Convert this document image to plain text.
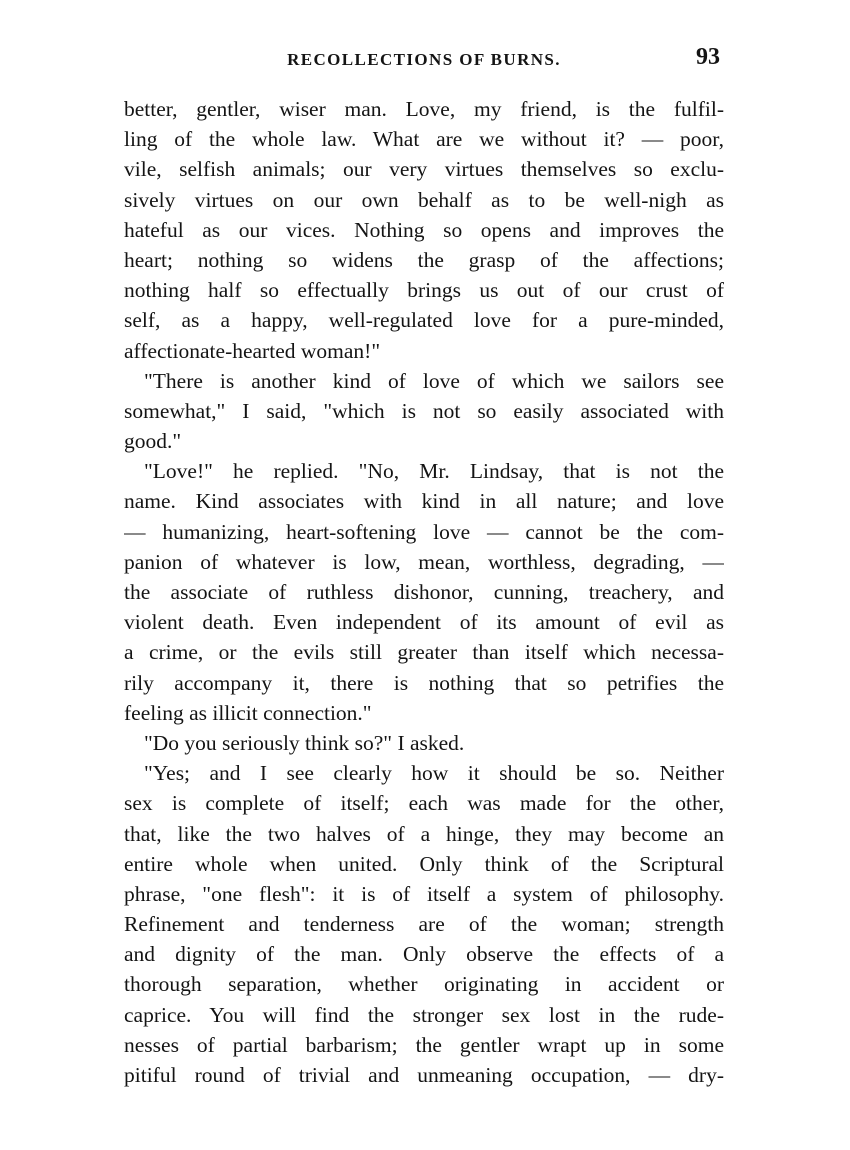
RECOLLECTIONS OF BURNS.	93
better, gentler, wiser man. Love, my friend, is the fulfil-
ling of the whole law. What are we without it? — poor,
vile, selfish animals; our very virtues themselves so exclu-
sively virtues on our own behalf as to be well-nigh as
hateful as our vices. Nothing so opens and improves the
heart; nothing so widens the grasp of the affections;
nothing half so effectually brings us out of our crust of
self, as a happy, well-regulated love for a pure-minded,
affectionate-hearted woman!"
"There is another kind of love of which we sailors see
somewhat," I said, "which is not so easily associated with
good."
"Love!" he replied. "No, Mr. Lindsay, that is not the
name. Kind associates with kind in all nature; and love
— humanizing, heart-softening love — cannot be the com-
panion of whatever is low, mean, worthless, degrading, —
the associate of ruthless dishonor, cunning, treachery, and
violent death. Even independent of its amount of evil as
a crime, or the evils still greater than itself which necessa-
rily accompany it, there is nothing that so petrifies the
feeling as illicit connection."
"Do you seriously think so?" I asked.
"Yes; and I see clearly how it should be so. Neither
sex is complete of itself; each was made for the other,
that, like the two halves of a hinge, they may become an
entire whole when united. Only think of the Scriptural
phrase, "one flesh": it is of itself a system of philosophy.
Refinement and tenderness are of the woman; strength
and dignity of the man. Only observe the effects of a
thorough separation, whether originating in accident or
caprice. You will find the stronger sex lost in the rude-
nesses of partial barbarism; the gentler wrapt up in some
pitiful round of trivial and unmeaning occupation, — dry-
